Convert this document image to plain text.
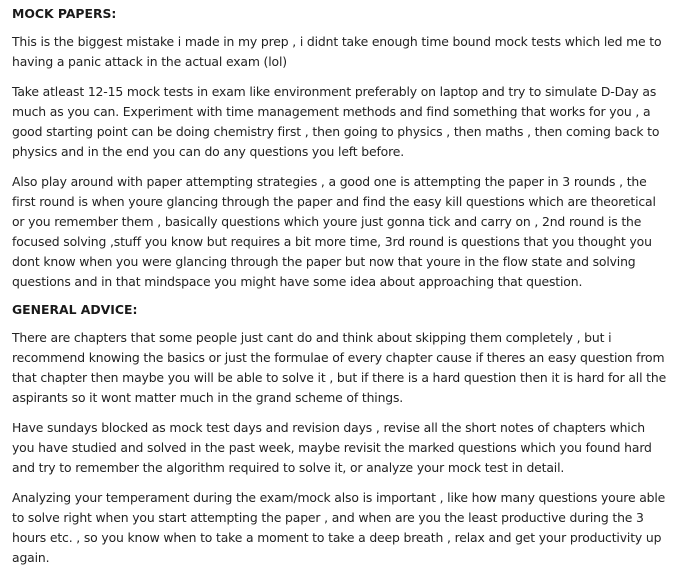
MOCK PAPERS:

This is the biggest mistake i made in my prep , i didnt take enough time bound mock tests which led me to having a panic attack in the actual exam (lol)

Take atleast 12-15 mock tests in exam like environment preferably on laptop and try to simulate D-Day as much as you can. Experiment with time management methods and find something that works for you , a good starting point can be doing chemistry first , then going to physics , then maths , then coming back to physics and in the end you can do any questions you left before.

Also play around with paper attempting strategies , a good one is attempting the paper in 3 rounds , the first round is when youre glancing through the paper and find the easy kill questions which are theoretical or you remember them , basically questions which youre just gonna tick and carry on , 2nd round is the focused solving ,stuff you know but requires a bit more time, 3rd round is questions that you thought you dont know when you were glancing through the paper but now that youre in the flow state and solving questions and in that mindspace you might have some idea about approaching that question.

GENERAL ADVICE:

There are chapters that some people just cant do and think about skipping them completely , but i recommend knowing the basics or just the formulae of every chapter cause if theres an easy question from that chapter then maybe you will be able to solve it , but if there is a hard question then it is hard for all the aspirants so it wont matter much in the grand scheme of things.

Have sundays blocked as mock test days and revision days , revise all the short notes of chapters which you have studied and solved in the past week, maybe revisit the marked questions which you found hard and try to remember the algorithm required to solve it, or analyze your mock test in detail.

Analyzing your temperament during the exam/mock also is important , like how many questions youre able to solve right when you start attempting the paper , and when are you the least productive during the 3 hours etc. , so you know when to take a moment to take a deep breath , relax and get your productivity up again.
